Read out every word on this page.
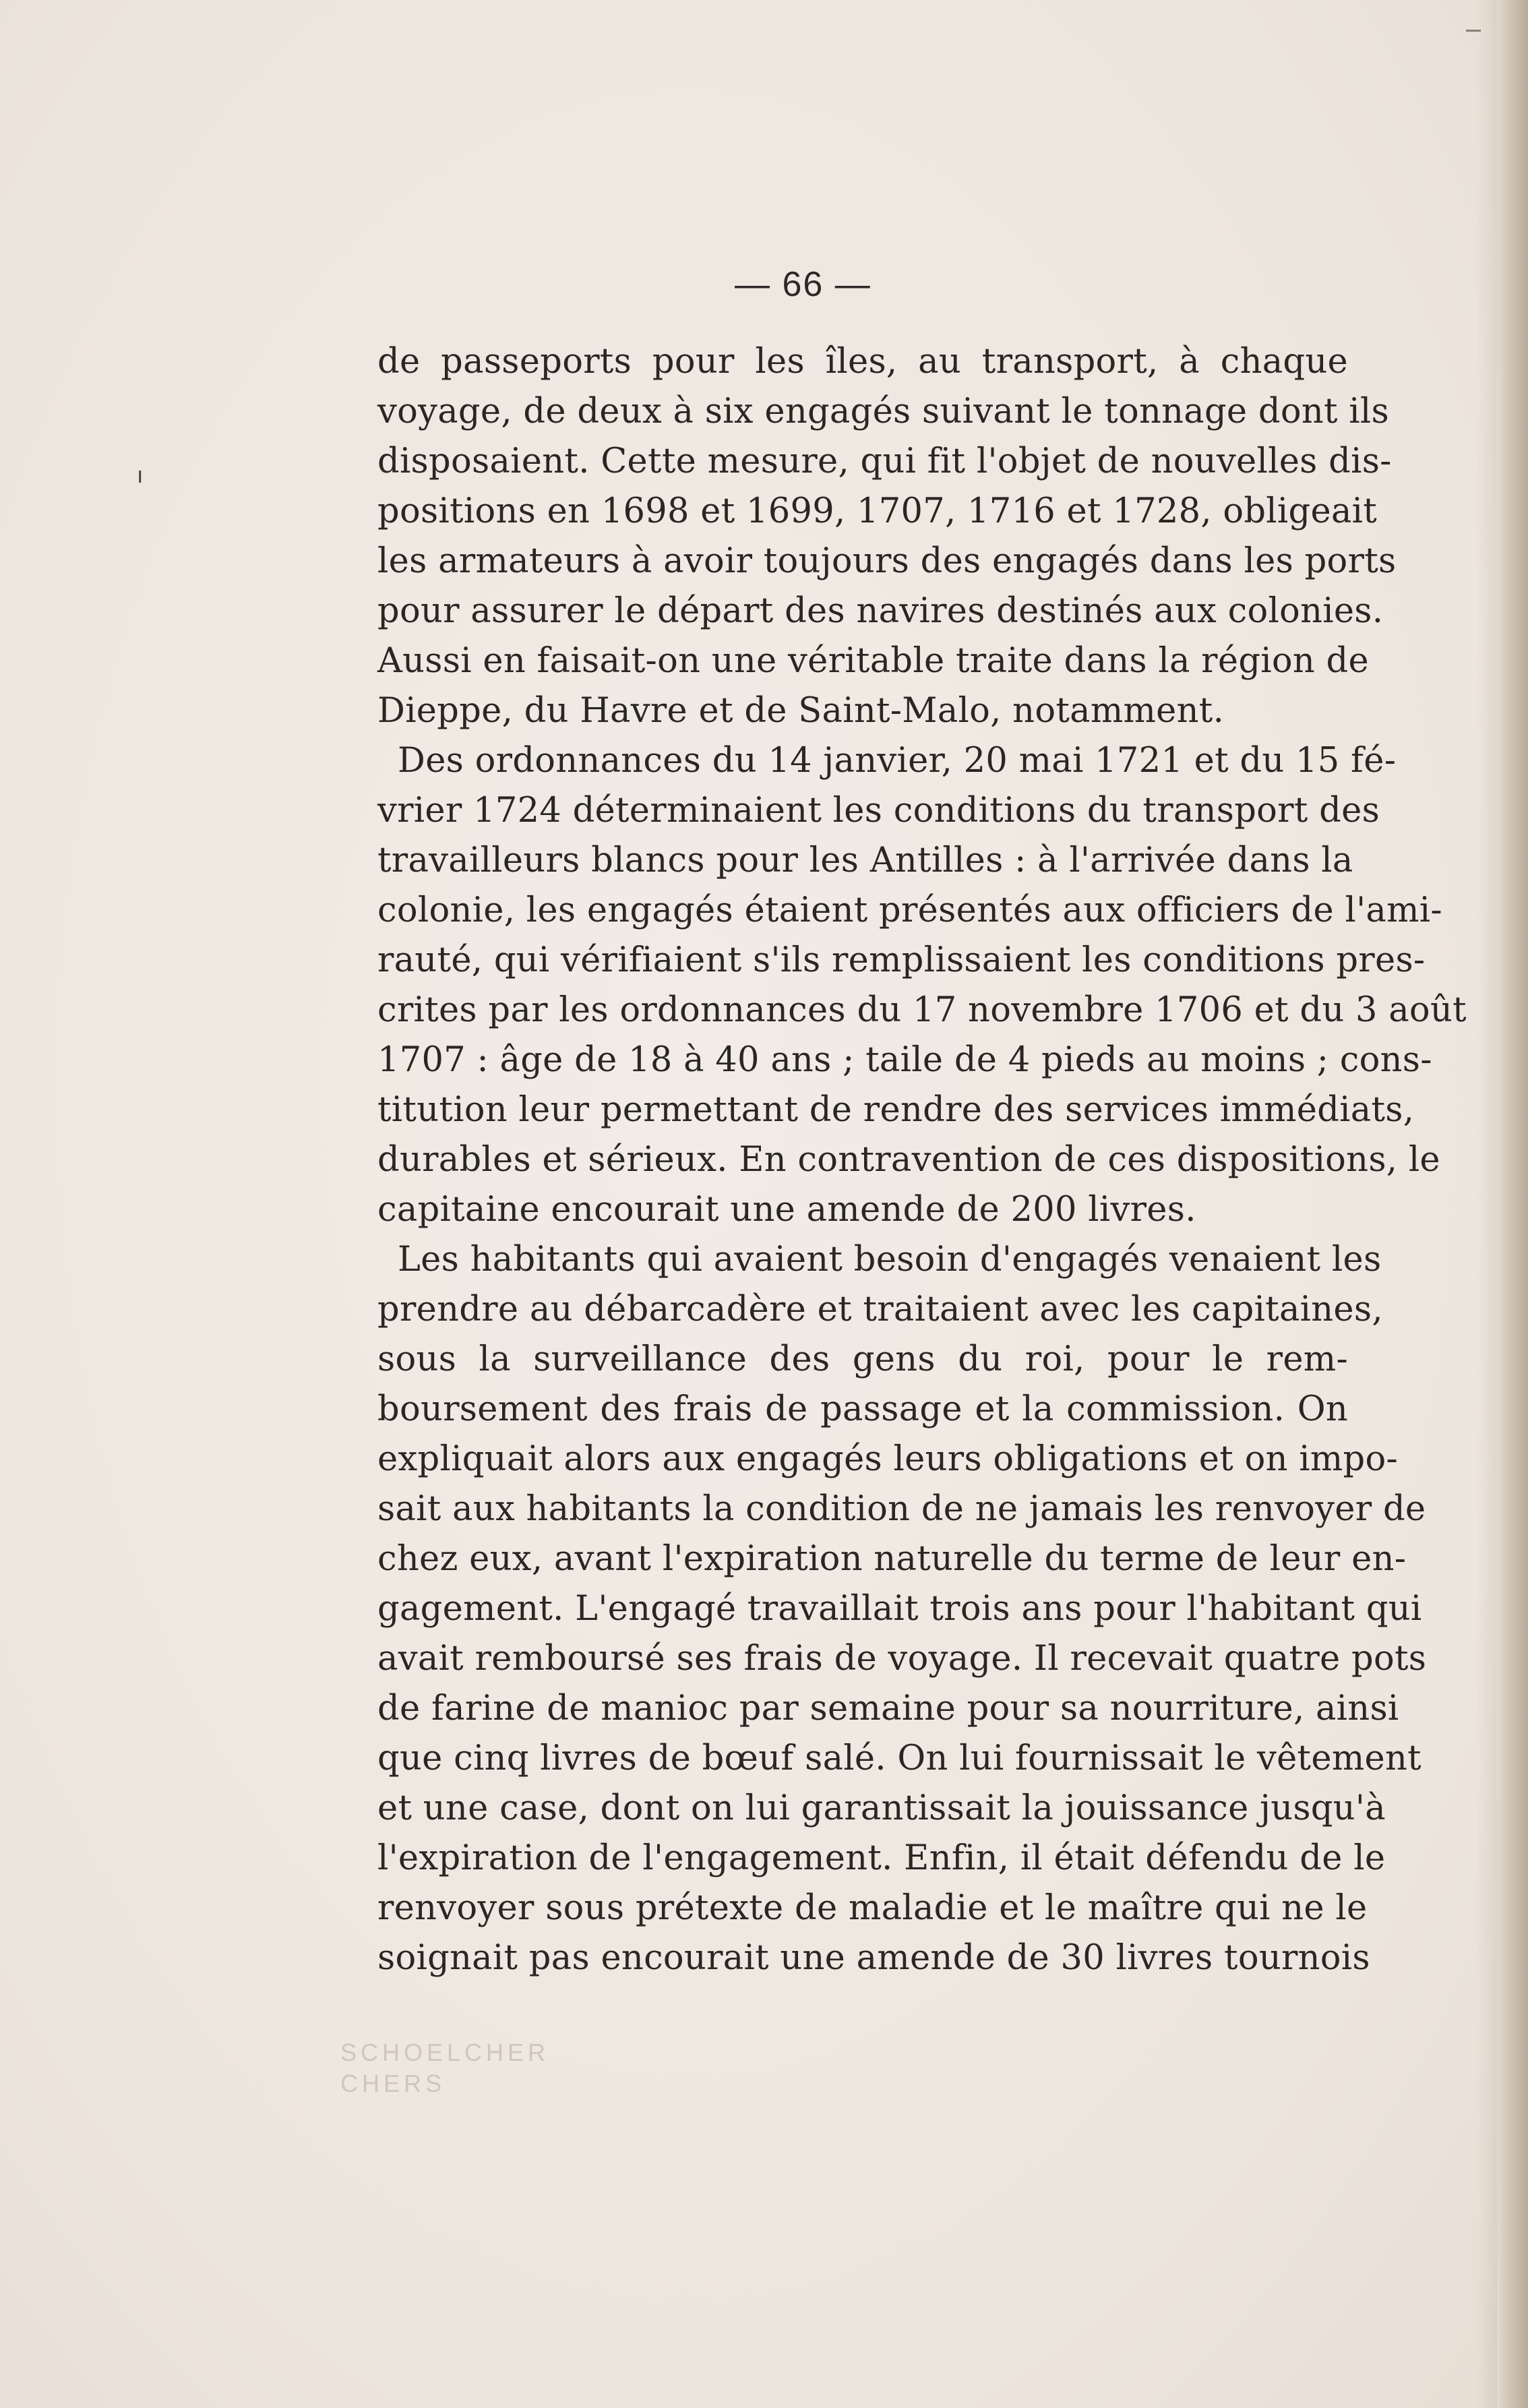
ı
— 66 —
de passeports pour les îles, au transport, à chaque
voyage, de deux à six engagés suivant le tonnage dont ils
disposaient. Cette mesure, qui fit l'objet de nouvelles dis-
positions en 1698 et 1699, 1707, 1716 et 1728, obligeait
les armateurs à avoir toujours des engagés dans les ports
pour assurer le départ des navires destinés aux colonies.
Aussi en faisait-on une véritable traite dans la région de
Dieppe, du Havre et de Saint-Malo, notamment.
Des ordonnances du 14 janvier, 20 mai 1721 et du 15 fé-
vrier 1724 déterminaient les conditions du transport des
travailleurs blancs pour les Antilles : à l'arrivée dans la
colonie, les engagés étaient présentés aux officiers de l'ami-
rauté, qui vérifiaient s'ils remplissaient les conditions pres-
crites par les ordonnances du 17 novembre 1706 et du 3 août
1707 : âge de 18 à 40 ans ; taile de 4 pieds au moins ; cons-
titution leur permettant de rendre des services immédiats,
durables et sérieux. En contravention de ces dispositions, le
capitaine encourait une amende de 200 livres.
Les habitants qui avaient besoin d'engagés venaient les
prendre au débarcadère et traitaient avec les capitaines,
sous la surveillance des gens du roi, pour le rem-
boursement des frais de passage et la commission. On
expliquait alors aux engagés leurs obligations et on impo-
sait aux habitants la condition de ne jamais les renvoyer de
chez eux, avant l'expiration naturelle du terme de leur en-
gagement. L'engagé travaillait trois ans pour l'habitant qui
avait remboursé ses frais de voyage. Il recevait quatre pots
de farine de manioc par semaine pour sa nourriture, ainsi
que cinq livres de bœuf salé. On lui fournissait le vêtement
et une case, dont on lui garantissait la jouissance jusqu'à
l'expiration de l'engagement. Enfin, il était défendu de le
renvoyer sous prétexte de maladie et le maître qui ne le
soignait pas encourait une amende de 30 livres tournois
SCHOELCHER
CHERS
